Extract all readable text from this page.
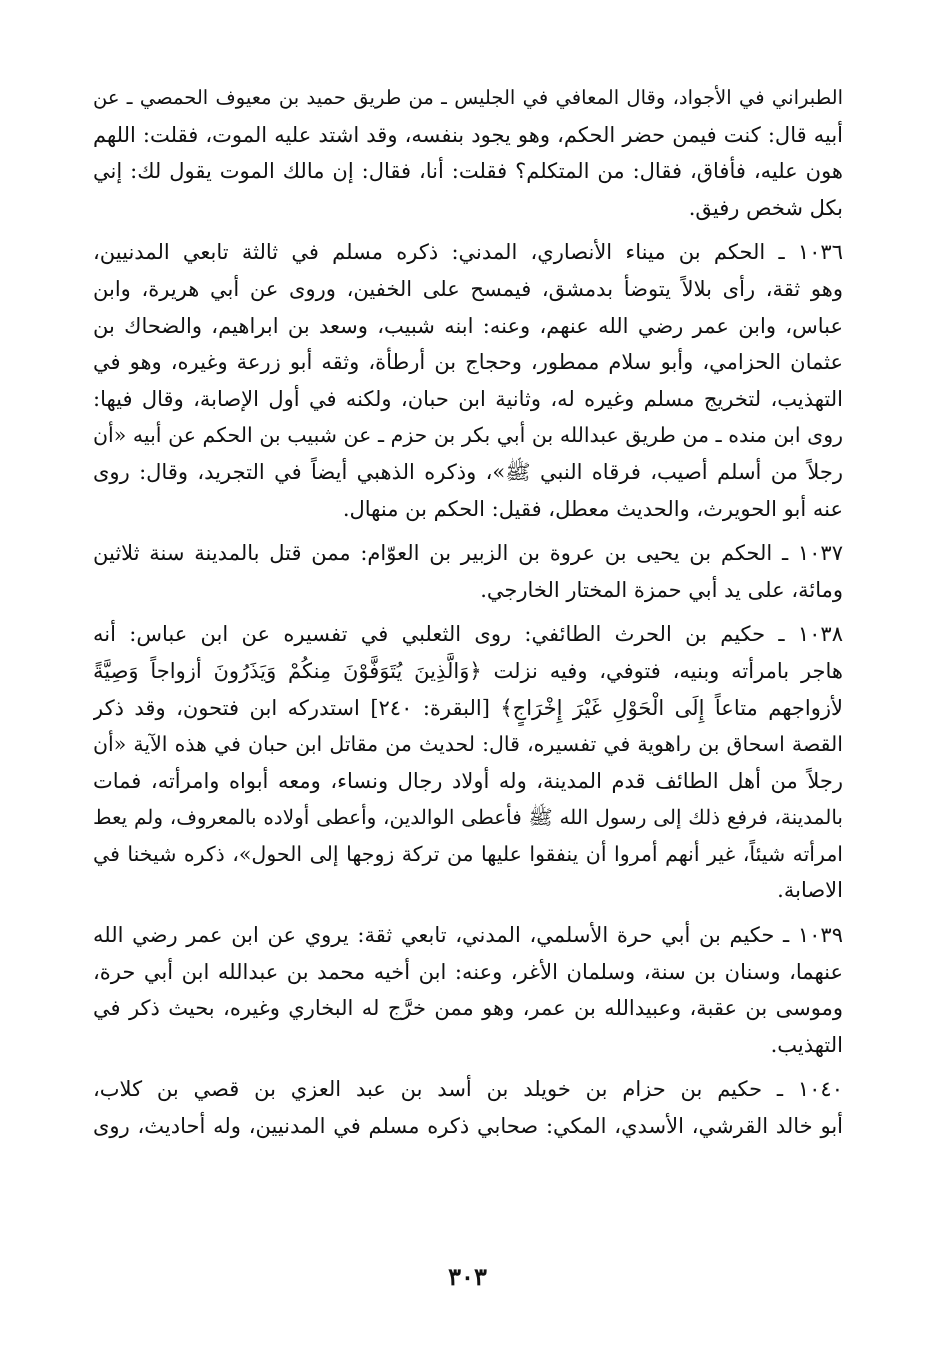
الطبراني في الأجواد، وقال المعافي في الجليس ـ من طريق حميد بن معيوف الحمصي ـ عن
أبيه قال: كنت فيمن حضر الحكم، وهو يجود بنفسه، وقد اشتد عليه الموت، فقلت: اللهم
هون عليه، فأفاق، فقال: من المتكلم؟ فقلت: أنا، فقال: إن مالك الموت يقول لك: إني
بكل شخص رفيق.
١٠٣٦ ـ الحكم بن ميناء الأنصاري، المدني: ذكره مسلم في ثالثة تابعي المدنيين،
وهو ثقة، رأى بلالاً يتوضأ بدمشق، فيمسح على الخفين، وروى عن أبي هريرة، وابن
عباس، وابن عمر رضي الله عنهم، وعنه: ابنه شبيب، وسعد بن ابراهيم، والضحاك بن
عثمان الحزامي، وأبو سلام ممطور، وحجاج بن أرطأة، وثقه أبو زرعة وغيره، وهو في
التهذيب، لتخريج مسلم وغيره له، وثانية ابن حبان، ولكنه في أول الإصابة، وقال فيها:
روى ابن منده ـ من طريق عبدالله بن أبي بكر بن حزم ـ عن شبيب بن الحكم عن أبيه «أن
رجلاً من أسلم أصيب، فرقاه النبي ﷺ»، وذكره الذهبي أيضاً في التجريد، وقال: روى
عنه أبو الحويرث، والحديث معطل، فقيل: الحكم بن منهال.
١٠٣٧ ـ الحكم بن يحيى بن عروة بن الزبير بن العوّام: ممن قتل بالمدينة سنة ثلاثين
ومائة، على يد أبي حمزة المختار الخارجي.
١٠٣٨ ـ حكيم بن الحرث الطائفي: روى الثعلبي في تفسيره عن ابن عباس: أنه
هاجر بامرأته وبنيه، فتوفي، وفيه نزلت ﴿وَالَّذِينَ يُتَوَفَّوْنَ مِنكُمْ وَيَذَرُونَ أزواجاً وَصِيَّةً
لأزواجهم متاعاً إِلَى الْحَوْلِ غَيْرَ إِخْرَاجٍ﴾ [البقرة: ٢٤٠] استدركه ابن فتحون، وقد ذكر
القصة اسحاق بن راهوية في تفسيره، قال: لحديث من مقاتل ابن حبان في هذه الآية «أن
رجلاً من أهل الطائف قدم المدينة، وله أولاد رجال ونساء، ومعه أبواه وامرأته، فمات
بالمدينة، فرفع ذلك إلى رسول الله ﷺ فأعطى الوالدين، وأعطى أولاده بالمعروف، ولم يعط
امرأته شيئاً، غير أنهم أمروا أن ينفقوا عليها من تركة زوجها إلى الحول»، ذكره شيخنا في
الاصابة.
١٠٣٩ ـ حكيم بن أبي حرة الأسلمي، المدني، تابعي ثقة: يروي عن ابن عمر رضي الله
عنهما، وسنان بن سنة، وسلمان الأغر، وعنه: ابن أخيه محمد بن عبدالله ابن أبي حرة،
وموسى بن عقبة، وعبيدالله بن عمر، وهو ممن خرَّج له البخاري وغيره، بحيث ذكر في
التهذيب.
١٠٤٠ ـ حكيم بن حزام بن خويلد بن أسد بن عبد العزي بن قصي بن كلاب،
أبو خالد القرشي، الأسدي، المكي: صحابي ذكره مسلم في المدنيين، وله أحاديث، روى
٣٠٣
